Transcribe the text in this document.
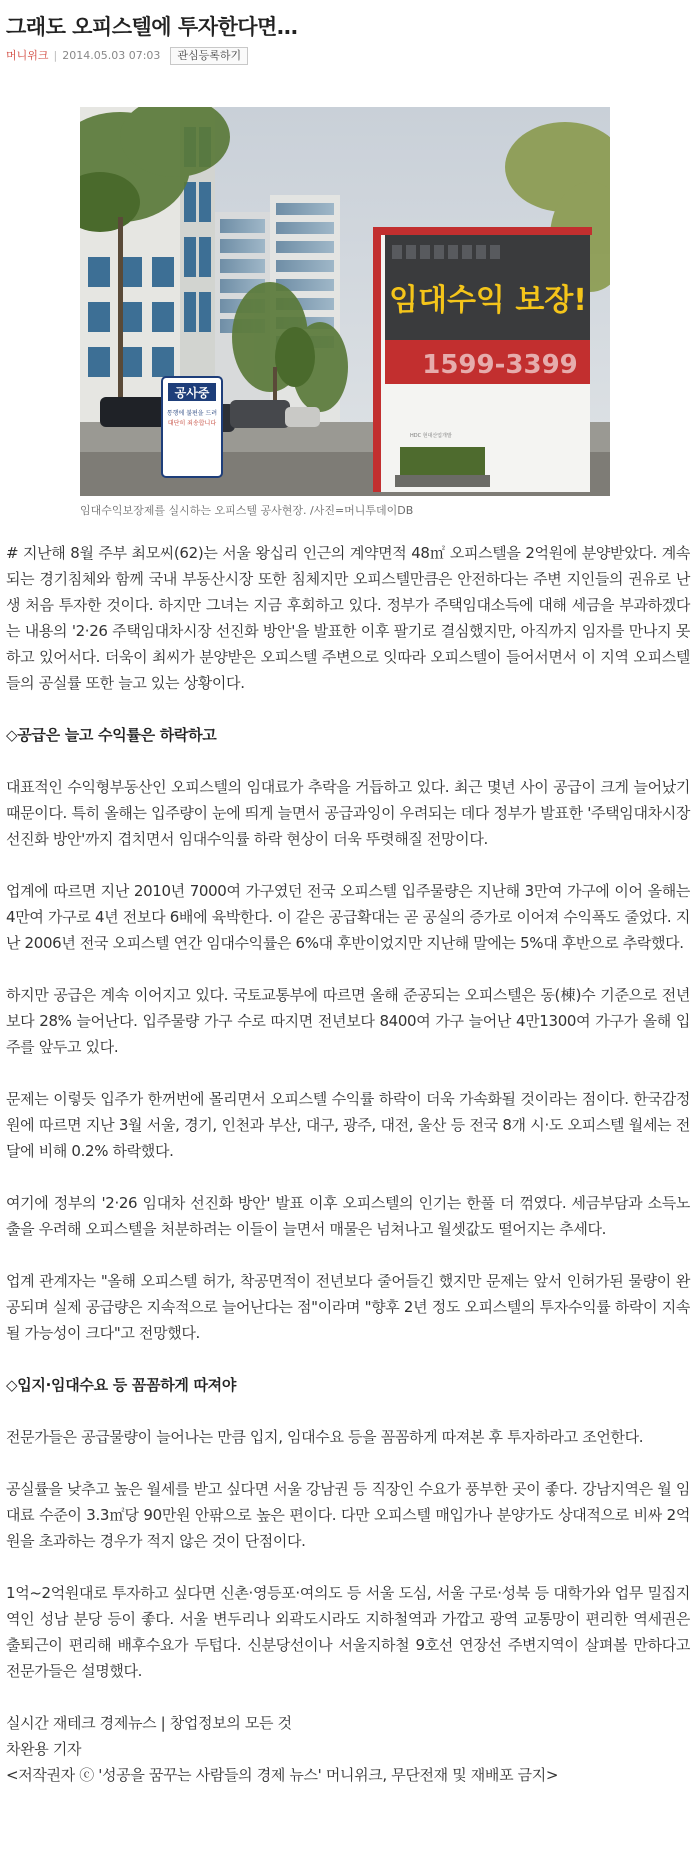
그래도 오피스텔에 투자한다면…
머니위크 | 2014.05.03 07:03	관심등록하기
공사중
통행에 불편을 드려
대단히 죄송합니다
임대수익 보장!
1599-3399
HDC 현대산업개발
임대수익보장제를 실시하는 오피스텔 공사현장. /사진=머니투데이DB

# 지난해 8월 주부 최모씨(62)는 서울 왕십리 인근의 계약면적 48㎡ 오피스텔을 2억원에 분양받았다. 계속되는 경기침체와 함께 국내 부동산시장 또한 침체지만 오피스텔만큼은 안전하다는 주변 지인들의 권유로 난생 처음 투자한 것이다. 하지만 그녀는 지금 후회하고 있다. 정부가 주택임대소득에 대해 세금을 부과하겠다는 내용의 '2·26 주택임대차시장 선진화 방안'을 발표한 이후 팔기로 결심했지만, 아직까지 임자를 만나지 못하고 있어서다. 더욱이 최씨가 분양받은 오피스텔 주변으로 잇따라 오피스텔이 들어서면서 이 지역 오피스텔들의 공실률 또한 늘고 있는 상황이다.

◇공급은 늘고 수익률은 하락하고

대표적인 수익형부동산인 오피스텔의 임대료가 추락을 거듭하고 있다. 최근 몇년 사이 공급이 크게 늘어났기 때문이다. 특히 올해는 입주량이 눈에 띄게 늘면서 공급과잉이 우려되는 데다 정부가 발표한 '주택임대차시장 선진화 방안'까지 겹치면서 임대수익률 하락 현상이 더욱 뚜렷해질 전망이다.

업계에 따르면 지난 2010년 7000여 가구였던 전국 오피스텔 입주물량은 지난해 3만여 가구에 이어 올해는 4만여 가구로 4년 전보다 6배에 육박한다. 이 같은 공급확대는 곧 공실의 증가로 이어져 수익폭도 줄었다. 지난 2006년 전국 오피스텔 연간 임대수익률은 6%대 후반이었지만 지난해 말에는 5%대 후반으로 추락했다.

하지만 공급은 계속 이어지고 있다. 국토교통부에 따르면 올해 준공되는 오피스텔은 동(棟)수 기준으로 전년보다 28% 늘어난다. 입주물량 가구 수로 따지면 전년보다 8400여 가구 늘어난 4만1300여 가구가 올해 입주를 앞두고 있다.

문제는 이렇듯 입주가 한꺼번에 몰리면서 오피스텔 수익률 하락이 더욱 가속화될 것이라는 점이다. 한국감정원에 따르면 지난 3월 서울, 경기, 인천과 부산, 대구, 광주, 대전, 울산 등 전국 8개 시·도 오피스텔 월세는 전달에 비해 0.2% 하락했다.

여기에 정부의 '2·26 임대차 선진화 방안' 발표 이후 오피스텔의 인기는 한풀 더 꺾였다. 세금부담과 소득노출을 우려해 오피스텔을 처분하려는 이들이 늘면서 매물은 넘쳐나고 월셋값도 떨어지는 추세다.

업계 관계자는 "올해 오피스텔 허가, 착공면적이 전년보다 줄어들긴 했지만 문제는 앞서 인허가된 물량이 완공되며 실제 공급량은 지속적으로 늘어난다는 점"이라며 "향후 2년 정도 오피스텔의 투자수익률 하락이 지속될 가능성이 크다"고 전망했다.

◇입지·임대수요 등 꼼꼼하게 따져야

전문가들은 공급물량이 늘어나는 만큼 입지, 임대수요 등을 꼼꼼하게 따져본 후 투자하라고 조언한다.

공실률을 낮추고 높은 월세를 받고 싶다면 서울 강남권 등 직장인 수요가 풍부한 곳이 좋다. 강남지역은 월 임대료 수준이 3.3㎡당 90만원 안팎으로 높은 편이다. 다만 오피스텔 매입가나 분양가도 상대적으로 비싸 2억원을 초과하는 경우가 적지 않은 것이 단점이다.

1억~2억원대로 투자하고 싶다면 신촌·영등포·여의도 등 서울 도심, 서울 구로·성북 등 대학가와 업무 밀집지역인 성남 분당 등이 좋다. 서울 변두리나 외곽도시라도 지하철역과 가깝고 광역 교통망이 편리한 역세권은 출퇴근이 편리해 배후수요가 두텁다. 신분당선이나 서울지하철 9호선 연장선 주변지역이 살펴볼 만하다고 전문가들은 설명했다.

실시간 재테크 경제뉴스 | 창업정보의 모든 것

차완용 기자

<저작권자 ⓒ '성공을 꿈꾸는 사람들의 경제 뉴스' 머니위크, 무단전재 및 재배포 금지>
